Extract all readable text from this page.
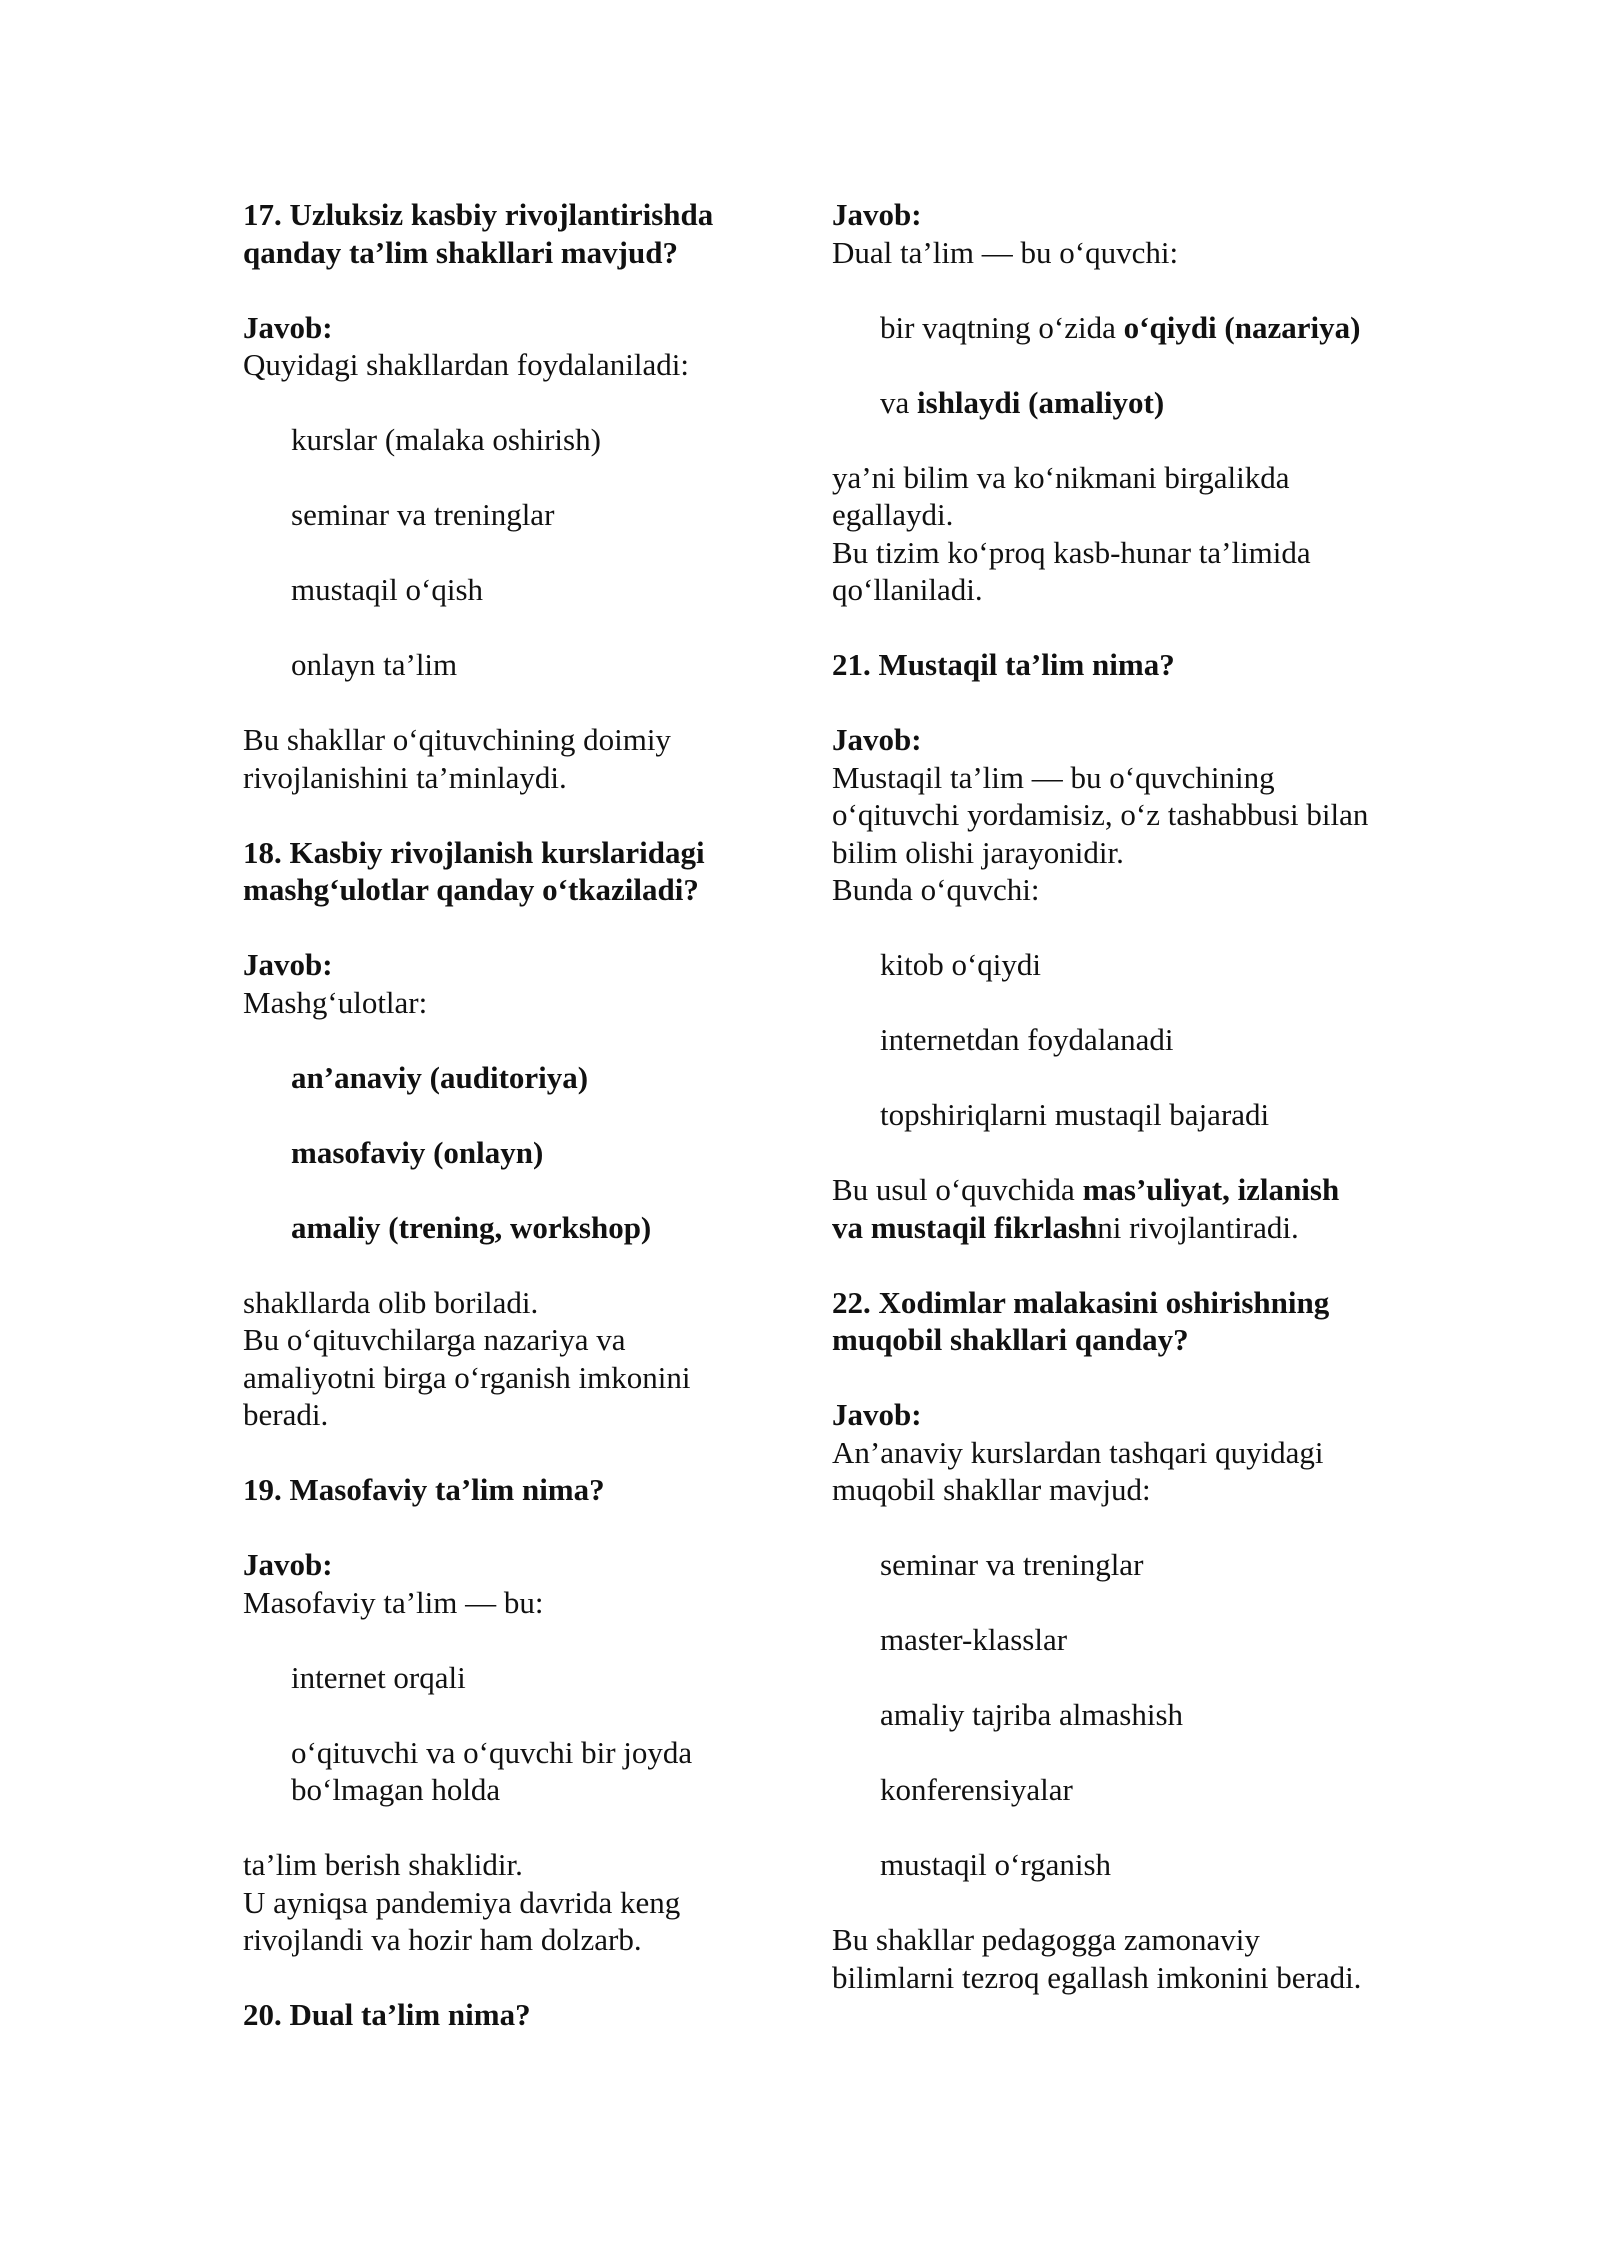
17. Uzluksiz kasbiy rivojlantirishda qanday ta’lim shakllari mavjud?

Javob:

Quyidagi shakllardan foydalaniladi:

kurslar (malaka oshirish)
seminar va treninglar
mustaqil o‘qish
onlayn ta’lim

Bu shakllar o‘qituvchining doimiy rivojlanishini ta’minlaydi.

18. Kasbiy rivojlanish kurslaridagi mashg‘ulotlar qanday o‘tkaziladi?

Javob:

Mashg‘ulotlar:

an’anaviy (auditoriya)
masofaviy (onlayn)
amaliy (trening, workshop)

shakllarda olib boriladi.

Bu o‘qituvchilarga nazariya va amaliyotni birga o‘rganish imkonini beradi.

19. Masofaviy ta’lim nima?

Javob:

Masofaviy ta’lim — bu:

internet orqali
o‘qituvchi va o‘quvchi bir joyda bo‘lmagan holda

ta’lim berish shaklidir.

U ayniqsa pandemiya davrida keng rivojlandi va hozir ham dolzarb.

20. Dual ta’lim nima?

Javob:

Dual ta’lim — bu o‘quvchi:

bir vaqtning o‘zida o‘qiydi (nazariya)
va ishlaydi (amaliyot)

ya’ni bilim va ko‘nikmani birgalikda egallaydi.

Bu tizim ko‘proq kasb-hunar ta’limida qo‘llaniladi.

21. Mustaqil ta’lim nima?

Javob:

Mustaqil ta’lim — bu o‘quvchining o‘qituvchi yordamisiz, o‘z tashabbusi bilan bilim olishi jarayonidir.

Bunda o‘quvchi:

kitob o‘qiydi
internetdan foydalanadi
topshiriqlarni mustaqil bajaradi

Bu usul o‘quvchida mas’uliyat, izlanish va mustaqil fikrlashni rivojlantiradi.

22. Xodimlar malakasini oshirishning muqobil shakllari qanday?

Javob:

An’anaviy kurslardan tashqari quyidagi muqobil shakllar mavjud:

seminar va treninglar
master-klasslar
amaliy tajriba almashish
konferensiyalar
mustaqil o‘rganish

Bu shakllar pedagogga zamonaviy bilimlarni tezroq egallash imkonini beradi.
